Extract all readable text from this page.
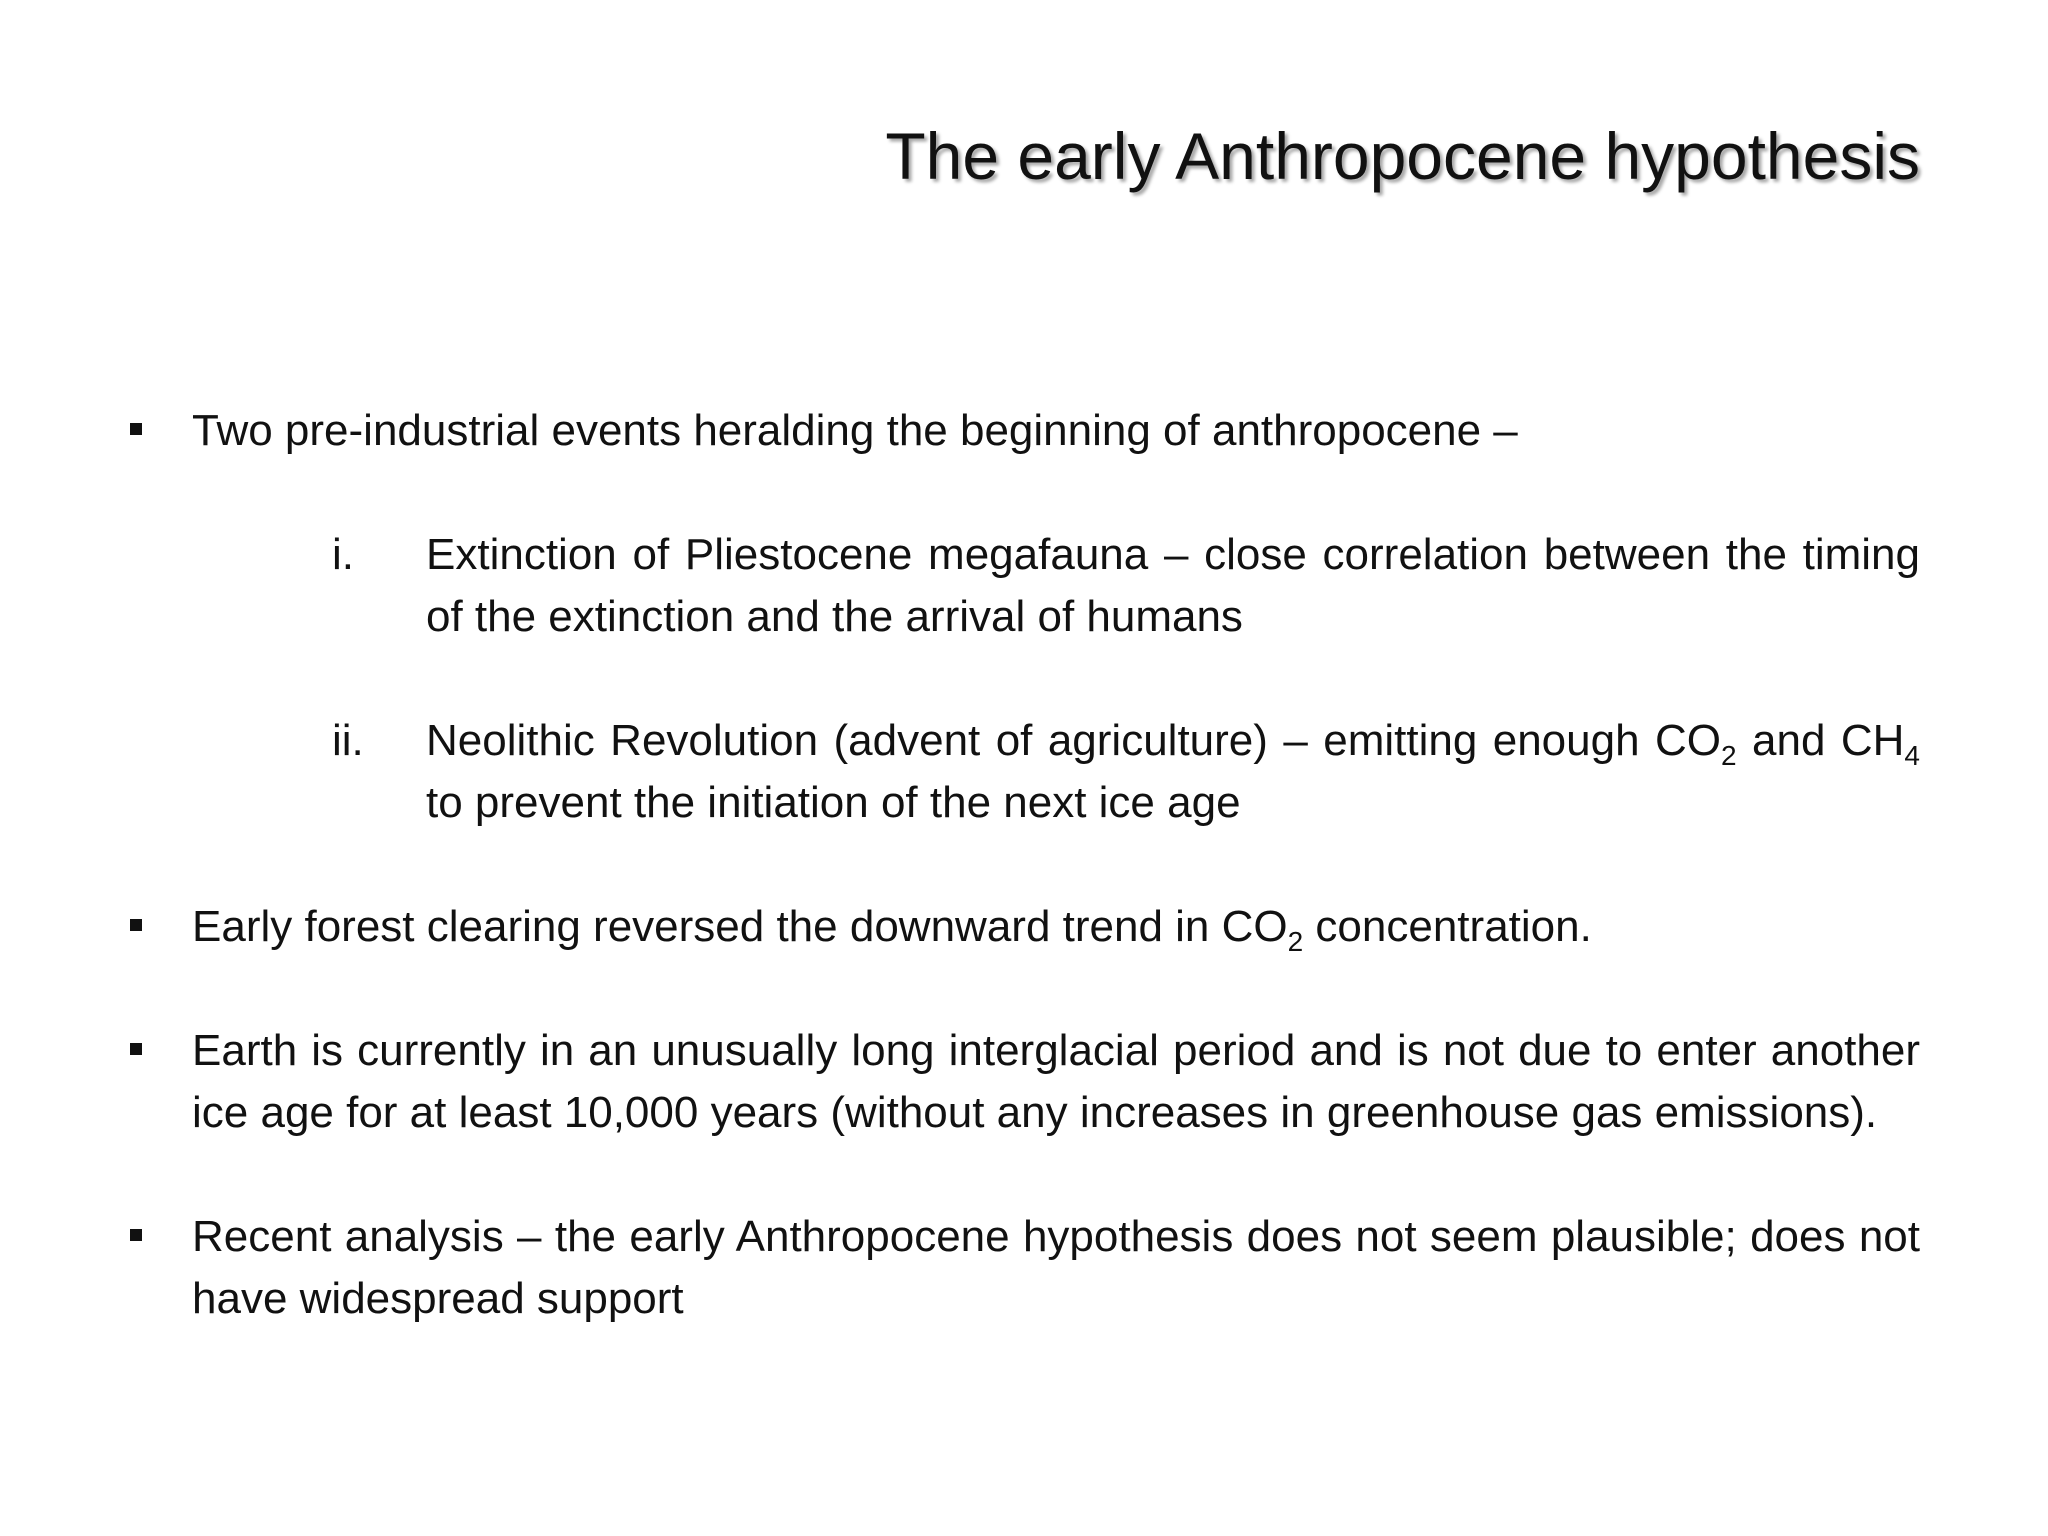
The early Anthropocene hypothesis
Two pre-industrial events heralding the beginning of anthropocene –
i. Extinction of Pliestocene megafauna – close correlation between the timing of the extinction and the arrival of humans
ii. Neolithic Revolution (advent of agriculture) – emitting enough $CO_2$ and $CH_4$ to prevent the initiation of the next ice age
Early forest clearing reversed the downward trend in $CO_2$ concentration.
Earth is currently in an unusually long interglacial period and is not due to enter another ice age for at least 10,000 years (without any increases in greenhouse gas emissions).
Recent analysis – the early Anthropocene hypothesis does not seem plausible; does not have widespread support
